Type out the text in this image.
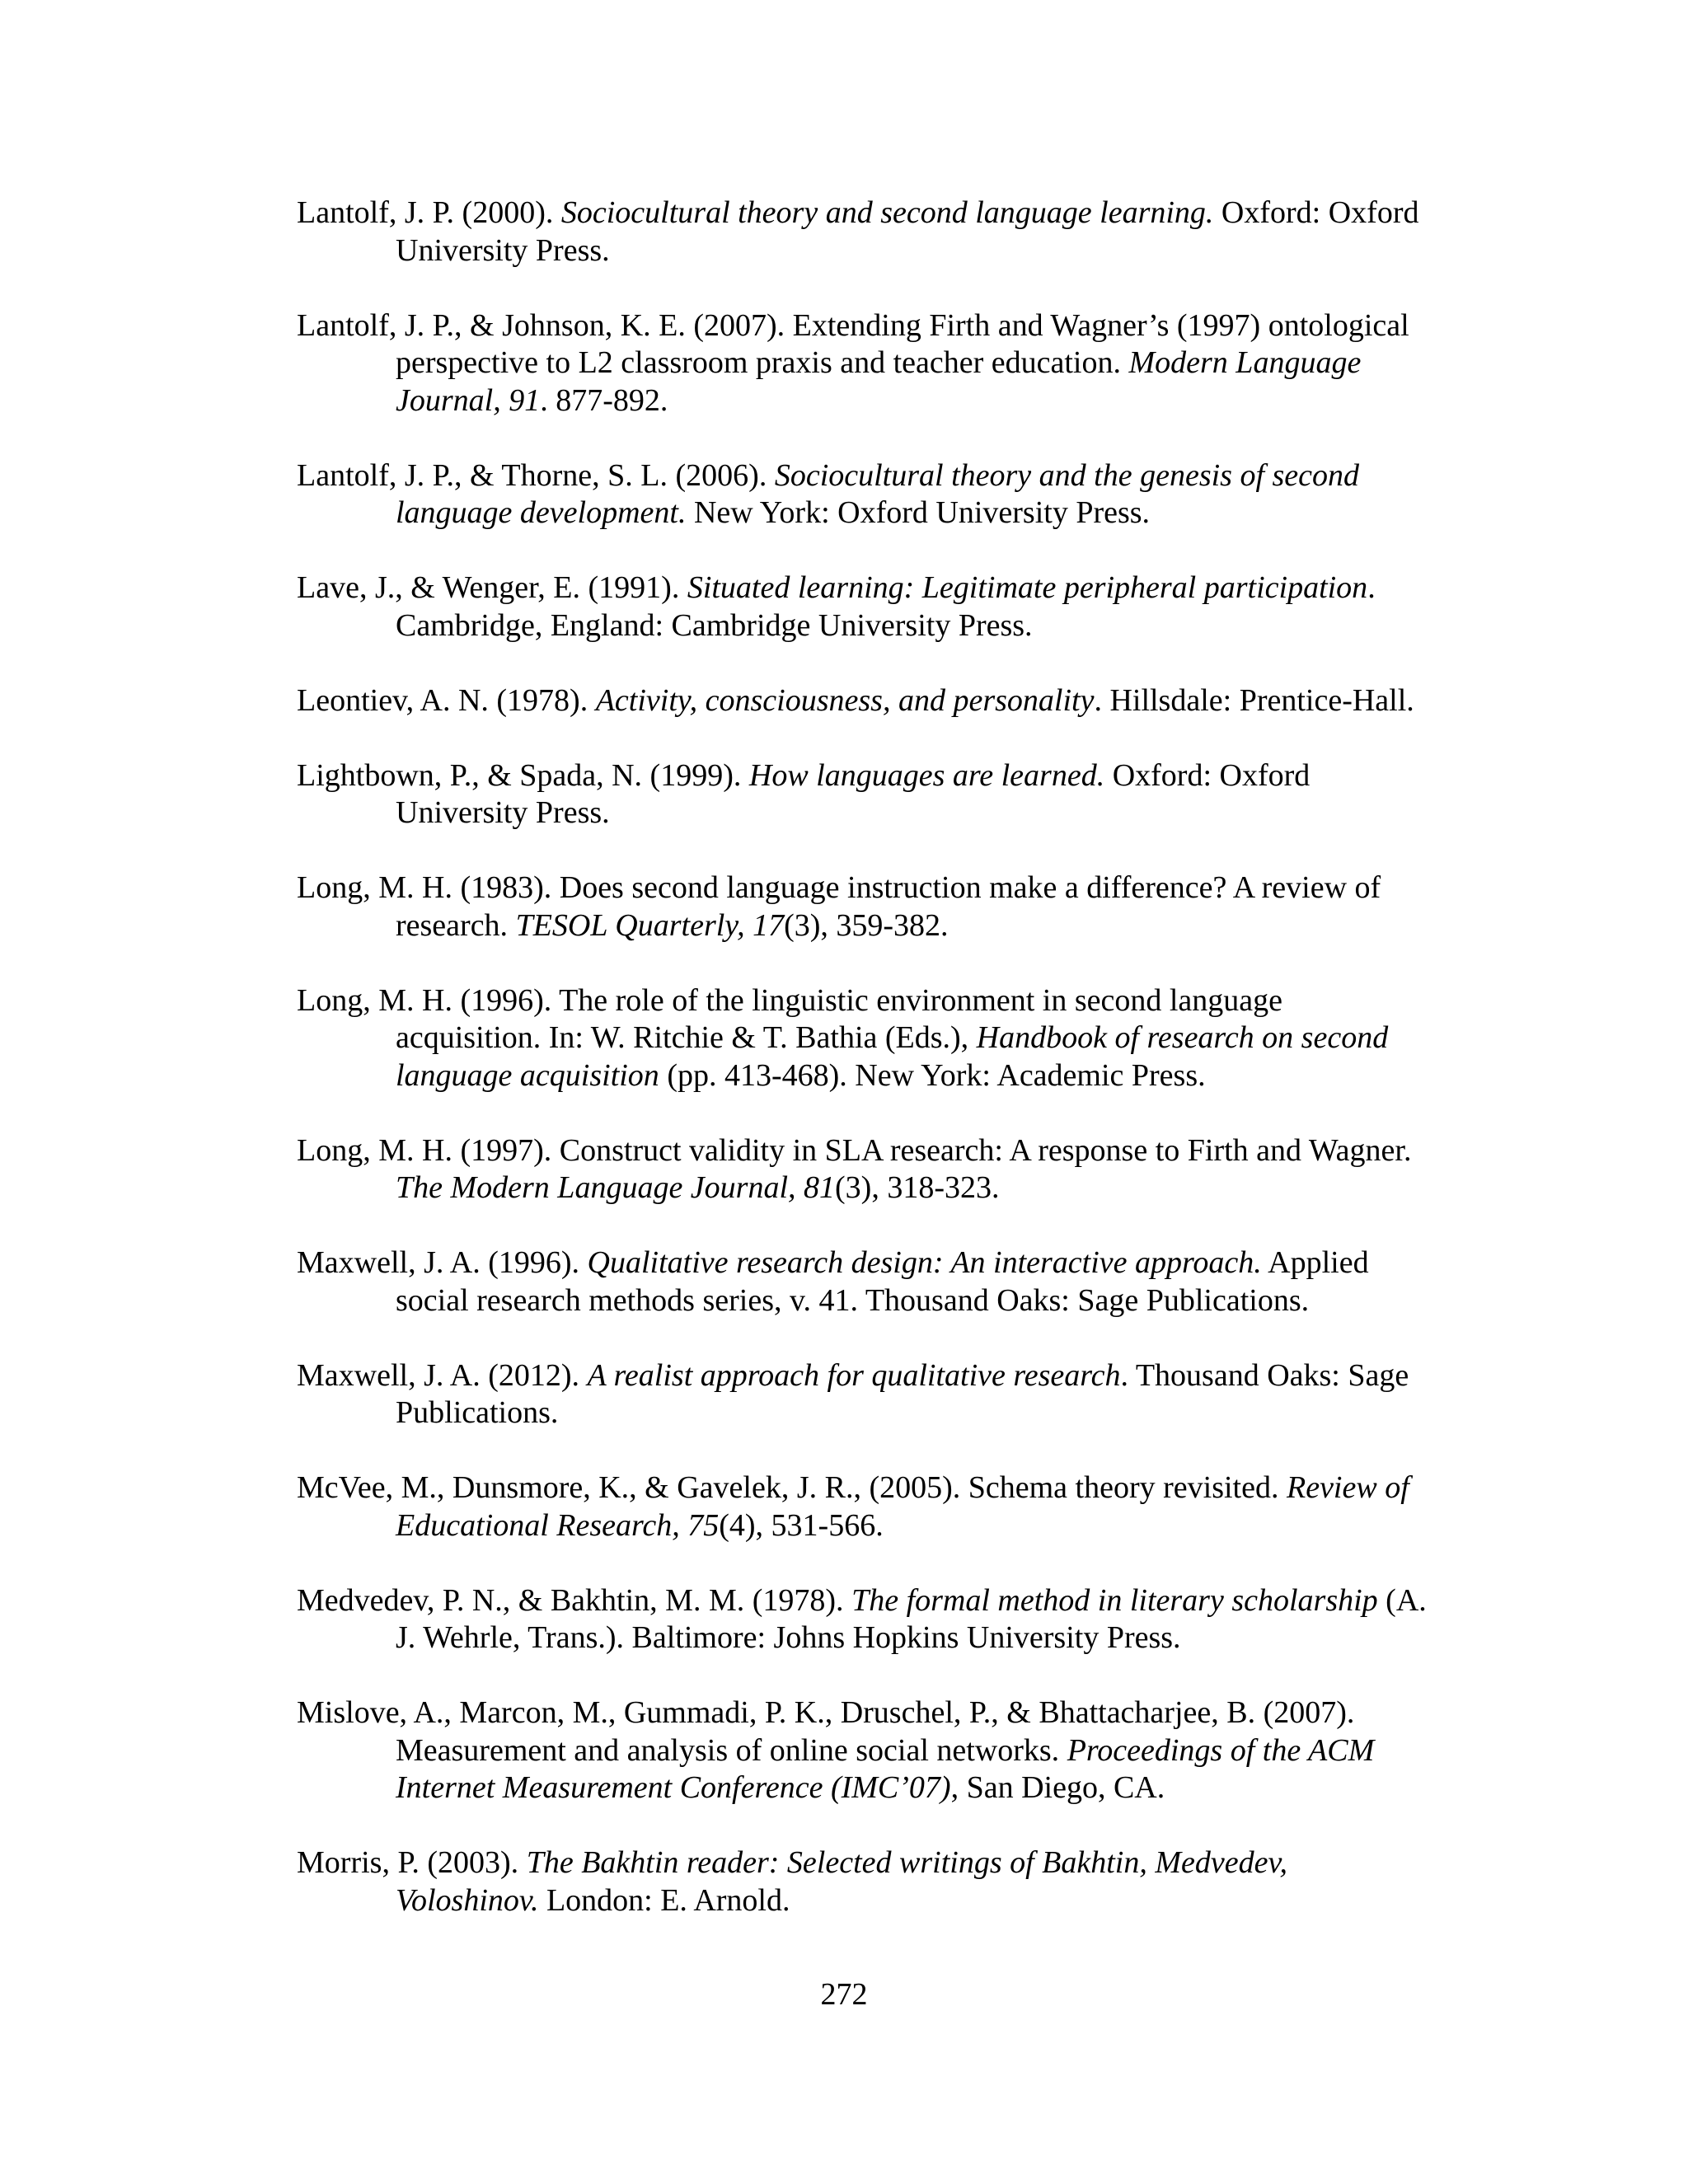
Lantolf, J. P. (2000). Sociocultural theory and second language learning. Oxford: Oxford
University Press.

Lantolf, J. P., & Johnson, K. E. (2007). Extending Firth and Wagner’s (1997) ontological
perspective to L2 classroom praxis and teacher education. Modern Language
Journal, 91. 877-892.

Lantolf, J. P., & Thorne, S. L. (2006). Sociocultural theory and the genesis of second
language development. New York: Oxford University Press.

Lave, J., & Wenger, E. (1991). Situated learning: Legitimate peripheral participation.
Cambridge, England: Cambridge University Press.

Leontiev, A. N. (1978). Activity, consciousness, and personality. Hillsdale: Prentice-Hall.

Lightbown, P., & Spada, N. (1999). How languages are learned. Oxford: Oxford
University Press.

Long, M. H. (1983). Does second language instruction make a difference? A review of
research. TESOL Quarterly, 17(3), 359-382.

Long, M. H. (1996). The role of the linguistic environment in second language
acquisition. In: W. Ritchie & T. Bathia (Eds.), Handbook of research on second
language acquisition (pp. 413-468). New York: Academic Press.

Long, M. H. (1997). Construct validity in SLA research: A response to Firth and Wagner.
The Modern Language Journal, 81(3), 318-323.

Maxwell, J. A. (1996). Qualitative research design: An interactive approach. Applied
social research methods series, v. 41. Thousand Oaks: Sage Publications.

Maxwell, J. A. (2012). A realist approach for qualitative research. Thousand Oaks: Sage
Publications.

McVee, M., Dunsmore, K., & Gavelek, J. R., (2005). Schema theory revisited. Review of
Educational Research, 75(4), 531-566.

Medvedev, P. N., & Bakhtin, M. M. (1978). The formal method in literary scholarship (A.
J. Wehrle, Trans.). Baltimore: Johns Hopkins University Press.

Mislove, A., Marcon, M., Gummadi, P. K., Druschel, P., & Bhattacharjee, B. (2007).
Measurement and analysis of online social networks. Proceedings of the ACM
Internet Measurement Conference (IMC’07), San Diego, CA.

Morris, P. (2003). The Bakhtin reader: Selected writings of Bakhtin, Medvedev,
Voloshinov. London: E. Arnold.

272
